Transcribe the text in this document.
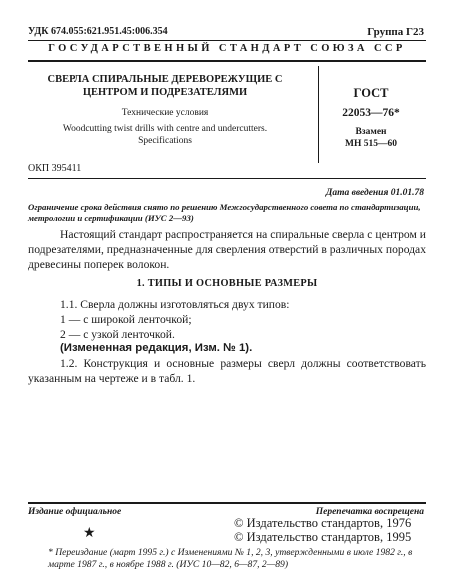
УДК 674.055:621.951.45:006.354	Группа Г23
ГОСУДАРСТВЕННЫЙ СТАНДАРТ СОЮЗА ССР
СВЕРЛА СПИРАЛЬНЫЕ ДЕРЕВОРЕЖУЩИЕ С ЦЕНТРОМ И ПОДРЕЗАТЕЛЯМИ
Технические условия
Woodcutting twist drills with centre and undercutters. Specifications
ГОСТ
22053—76*
Взамен
МН 515—60
ОКП 395411
Дата введения 01.01.78
Ограничение срока действия снято по решению Межгосударственного совета по стандартизации, метрологии и сертификации (ИУС 2—93)
Настоящий стандарт распространяется на спиральные сверла с центром и подрезателями, предназначенные для сверления отверстий в различных породах древесины поперек волокон.
1. ТИПЫ И ОСНОВНЫЕ РАЗМЕРЫ
1.1. Сверла должны изготовляться двух типов:
1 — с широкой ленточкой;
2 — с узкой ленточкой.
(Измененная редакция, Изм. № 1).
1.2. Конструкция и основные размеры сверл должны соответствовать указанным на чертеже и в табл. 1.
Издание официальное	Перепечатка воспрещена
★
© Издательство стандартов, 1976
© Издательство стандартов, 1995
* Переиздание (март 1995 г.) с Изменениями № 1, 2, 3, утвержденными в июле 1982 г., в марте 1987 г., в ноябре 1988 г. (ИУС 10—82, 6—87, 2—89)
